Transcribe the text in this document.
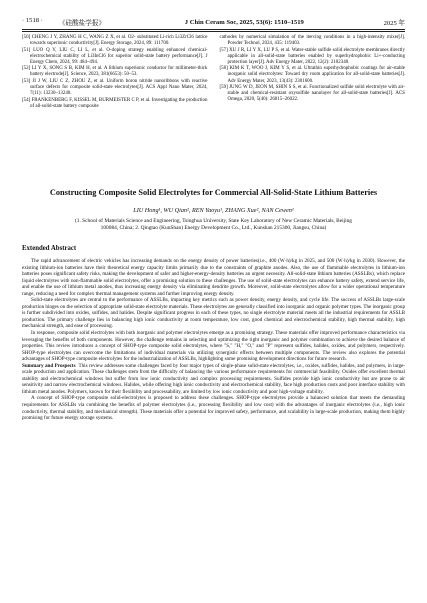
· 1518 · 《硅酸盐学报》	J Chin Ceram Soc, 2025, 53(6): 1510–1519	2025 年

[50] CHENG J Y, ZHANG H C, WANG Z X, et al. O2- substituted Li-rich Li3ZrCl6 lattice towards superionic conductivity[J]. Energy Storage, 2024, 89: 111700.

[51] LUO Q Y, LIU C, LI L, et al. O-doping strategy enabling enhanced chemical-electrochemical stability of Li3InCl6 for superior solid-state battery performance[J]. J Energy Chem, 2024, 99: 484–494.

[52] LI Y X, SONG S B, KIM H, et al. A lithium superionic conductor for millimeter-thick battery electrode[J]. Science, 2023, 381(6653): 50–53.

[53] JI J W, LIU C Z, ZHOU Z, et al. Uniform boron nitride nanoribbons with reactive surface defects for composite solid-state electrolytes[J]. ACS Appl Nano Mater, 2024, 7(11): 13230–13240.

[54] FRANKENBERG F, KISSEL M, BURMEISTER C P, et al. Investigating the production of all-solid-state battery composite

cathodes by numerical simulation of the itercing conditions in a high-intensity mixer[J]. Powder Technol, 2024, 435: 119403.

[57] XU J R, LI Y X, LU P S, et al. Water-stable sulfide solid electrolyte membranes directly applicable in all-solid-state batteries enabled by superhydrophobic Li+-conducting protection layer[J]. Adv Energy Mater, 2022, 12(2): 2102348.

[58] KIM K T, WOO J, KIM Y S, et al. Ultrathin superhydrophobic coatings for air-stable inorganic solid electrolytes: Toward dry room application for all-solid-state batteries[J]. Adv Energy Mater, 2023, 13(43): 2301600.

[59] JUNG W D, JEON M, SHIN S S, et al. Functionalized sulfide solid electrolyte with air-stable and chemical-resistant oxysulfide nanolayer for all-solid-state batteries[J]. ACS Omega, 2020, 5(40): 26015–26022.

Constructing Composite Solid Electrolytes for Commercial All-Solid-State Lithium Batteries
LIU Hong¹, WU Qian², REN Yaoyu¹, ZHANG Xue², NAN Cewen¹
(1. School of Materials Science and Engineering, Tsinghua University, State Key Laboratory of New Ceramic Materials, Beijing
100084, China; 2. Qingtao (KunShan) Energy Development Co., Ltd., Kunshan 215300, Jiangsu, China)
Extended Abstract

The rapid advancement of electric vehicles has increasing demands on the energy density of power batteries(i.e., 400 (W·h)/kg in 2025, and 500 (W·h)/kg in 2030). However, the existing lithium-ion batteries have their theoretical energy capacity limits primarily due to the constraints of graphite anodes. Also, the use of flammable electrolytes in lithium-ion batteries poses significant safety risks, making the development of safer and higher-energy-density batteries an urgent necessity. All-solid-state lithium batteries (ASSLBs), which replace liquid electrolytes with non-flammable solid electrolytes, offer a promising solution to these challenges. The use of solid-state electrolytes can enhance battery safety, extend service life, and enable the use of lithium metal anodes, thus increasing energy density via eliminating dendrite growth. Moreover, solid-state electrolytes allow for a wider operational temperature range, reducing a need for complex thermal management systems and further improving energy density.

Solid-state electrolytes are central to the performance of ASSLBs, impacting key metrics such as power density, energy density, and cycle life. The success of ASSLBs large-scale production hinges on the selection of appropriate solid-state electrolyte materials. These electrolytes are generally classified into inorganic and organic polymer types. The inorganic group is further subdivided into oxides, sulfides, and halides. Despite significant progress in each of these types, no single electrolyte material meets all the industrial requirements for ASSLB production. The primary challenge lies in balancing high ionic conductivity at room temperature, low cost, good chemical and electrochemical stability, high thermal stability, high mechanical strength, and ease of processing.

In response, composite solid electrolytes with both inorganic and polymer electrolytes emerge as a promising strategy. These materials offer improved performance characteristics via leveraging the benefits of both components. However, the challenge remains in selecting and optimizing the right inorganic and polymer combination to achieve the desired balance of properties. This review introduces a concept of SHOP-type composite solid electrolytes, where "S," "H," "O," and "P" represent sulfides, halides, oxides, and polymers, respectively. SHOP-type electrolytes can overcome the limitations of individual materials via utilizing synergistic effects between multiple components. The review also explores the potential advantages of SHOP-type composite electrolytes for the industrialization of ASSLBs, highlighting some promising development directions for future research.

Summary and Prospects This review addresses some challenges faced by four major types of single-phase solid-state electrolytes, i.e., oxides, sulfides, halides, and polymers, in large-scale production and application. These challenges stem from the difficulty of balancing the various performance requirements for commercial feasibility. Oxides offer excellent thermal stability and electrochemical windows but suffer from low ionic conductivity and complex processing requirements. Sulfides provide high ionic conductivity but are prone to air sensitivity and narrow electrochemical windows. Halides, while offering high ionic conductivity and electrochemical stability, face high production costs and poor interface stability with lithium metal anodes. Polymers, known for their flexibility and processability, are limited by low ionic conductivity and poor high-voltage stability.

A concept of SHOP-type composite solid-electrolytes is proposed to address these challenges. SHOP-type electrolytes provide a balanced solution that meets the demanding requirements for ASSLBs via combining the benefits of polymer electrolytes (i.e., processing flexibility and low cost) with the advantages of inorganic electrolytes (i.e., high ionic conductivity, thermal stability, and mechanical strength). These materials offer a potential for improved safety, performance, and scalability in large-scale production, making them highly promising for future energy storage systems.
